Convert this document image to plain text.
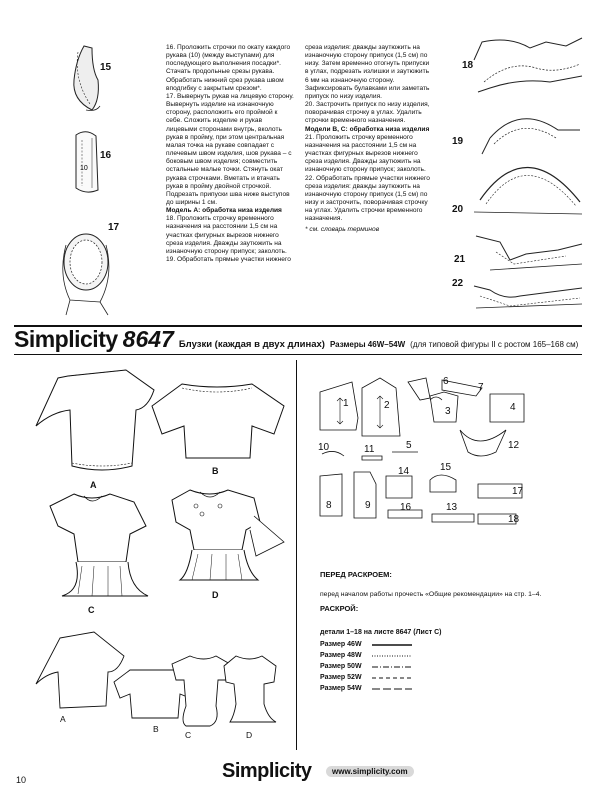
10
15
16
17

16. Проложить строчки по окату каждого рукава (10) (между выступами) для последующего выполнения посадки*. Стачать продольные срезы рукава. Обработать нижний срез рукава швом вподгибку с закрытым срезом*.

17. Вывернуть рукав на лицевую сторону. Вывернуть изделие на изнаночную сторону, расположить его проймой к себе. Сложить изделие и рукав лицевыми сторонами внутрь, вколоть рукав в пройму, при этом центральная малая точка на рукаве совпадает с плечевым швом изделия, шов рукава – с боковым швом изделия; совместить остальные малые точки. Стянуть окат рукава строчками. Вметать и втачать рукав в пройму двойной строчкой. Подрезать припуски шва ниже выступов до ширины 1 см.

Модель А: обработка низа изделия

18. Проложить строчку временного назначения на расстоянии 1,5 см на участках фигурных вырезов нижнего среза изделия. Дважды заутюжить на изнаночную сторону припуск; заколоть.

19. Обработать прямые участки нижнего

среза изделия: дважды заутюжить на изнаночную сторону припуск (1,5 см) по низу. Затем временно отогнуть припуски в углах, подрезать излишки и заутюжить 6 мм на изнаночную сторону. Зафиксировать булавками или заметать припуск по низу изделия.

20. Застрочить припуск по низу изделия, поворачивая строчку в углах. Удалить строчки временного назначения.

Модели В, С: обработка низа изделия

21. Проложить строчку временного назначения на расстоянии 1,5 см на участках фигурных вырезов нижнего среза изделия. Дважды заутюжить на изнаночную сторону припуск; заколоть.

22. Обработать прямые участки нижнего среза изделия: дважды заутюжить на изнаночную сторону припуск (1,5 см) по низу и застрочить, поворачивая строчку на углах. Удалить строчки временного назначения.

* см. словарь терминов

18
19
20
21
22
Simplicity 8647 Блузки (каждая в двух длинах) Размеры 46W–54W (для типовой фигуры II с ростом 165–168 см)
A
B
C
D
A
B
C	D
1	2
3	4
6
7
10	11	5	12
14	15
8	9	16	13
17
18
ПЕРЕД РАСКРОЕМ:
перед началом работы прочесть «Общие рекомендации» на стр. 1–4.
РАСКРОЙ:
детали 1–18 на листе 8647 (Лист С)
Размер 46W
Размер 48W
Размер 50W
Размер 52W
Размер 54W
10	Simplicity	www.simplicity.com
